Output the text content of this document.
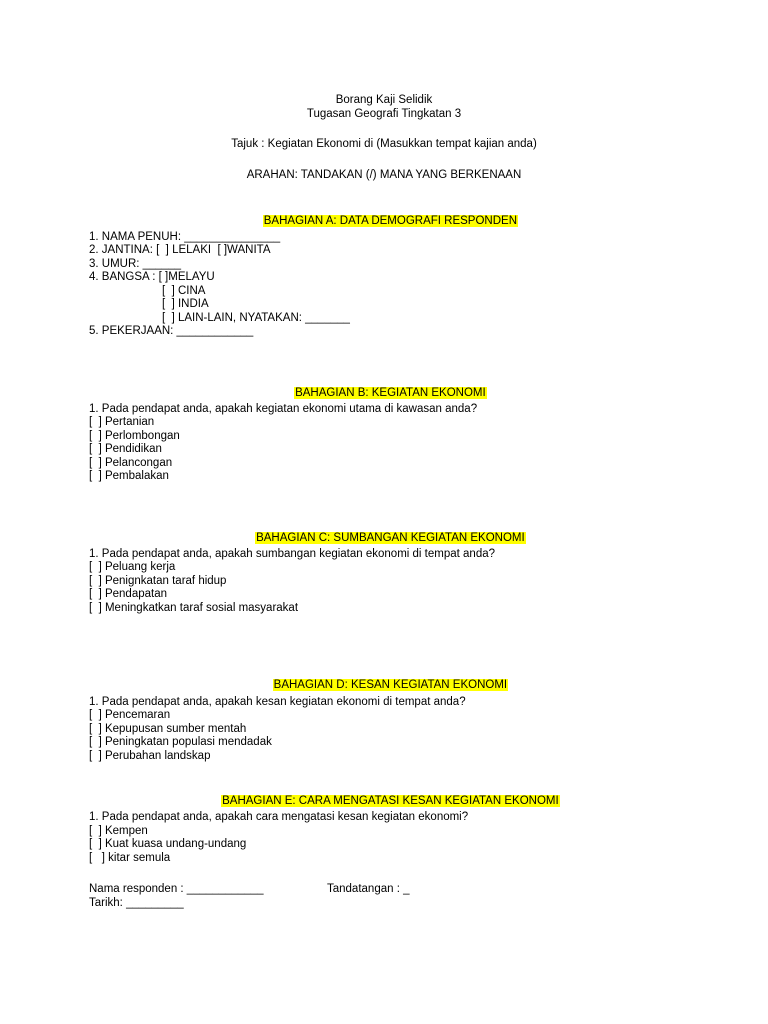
Borang Kaji Selidik
Tugasan Geografi Tingkatan 3
Tajuk : Kegiatan Ekonomi di (Masukkan tempat kajian anda)
ARAHAN: TANDAKAN (/) MANA YANG BERKENAAN

BAHAGIAN A: DATA DEMOGRAFI RESPONDEN

1. NAMA PENUH: _______________
2. JANTINA: [  ] LELAKI  [ ]WANITA
3. UMUR: ______
4. BANGSA : [ ]MELAYU
[  ] CINA
[  ] INDIA
[  ] LAIN-LAIN, NYATAKAN: _______
5. PEKERJAAN: ____________

BAHAGIAN B: KEGIATAN EKONOMI

1. Pada pendapat anda, apakah kegiatan ekonomi utama di kawasan anda?
[  ] Pertanian
[  ] Perlombongan
[  ] Pendidikan
[  ] Pelancongan
[  ] Pembalakan

BAHAGIAN C: SUMBANGAN KEGIATAN EKONOMI

1. Pada pendapat anda, apakah sumbangan kegiatan ekonomi di tempat anda?
[  ] Peluang kerja
[  ] Penignkatan taraf hidup
[  ] Pendapatan
[  ] Meningkatkan taraf sosial masyarakat

BAHAGIAN D: KESAN KEGIATAN EKONOMI

1. Pada pendapat anda, apakah kesan kegiatan ekonomi di tempat anda?
[  ] Pencemaran
[  ] Kepupusan sumber mentah
[  ] Peningkatan populasi mendadak
[  ] Perubahan landskap

BAHAGIAN E: CARA MENGATASI KESAN KEGIATAN EKONOMI

1. Pada pendapat anda, apakah cara mengatasi kesan kegiatan ekonomi?
[  ] Kempen
[  ] Kuat kuasa undang-undang
[   ] kitar semula
Nama responden : ____________	Tandatangan : _
Tarikh: _________
